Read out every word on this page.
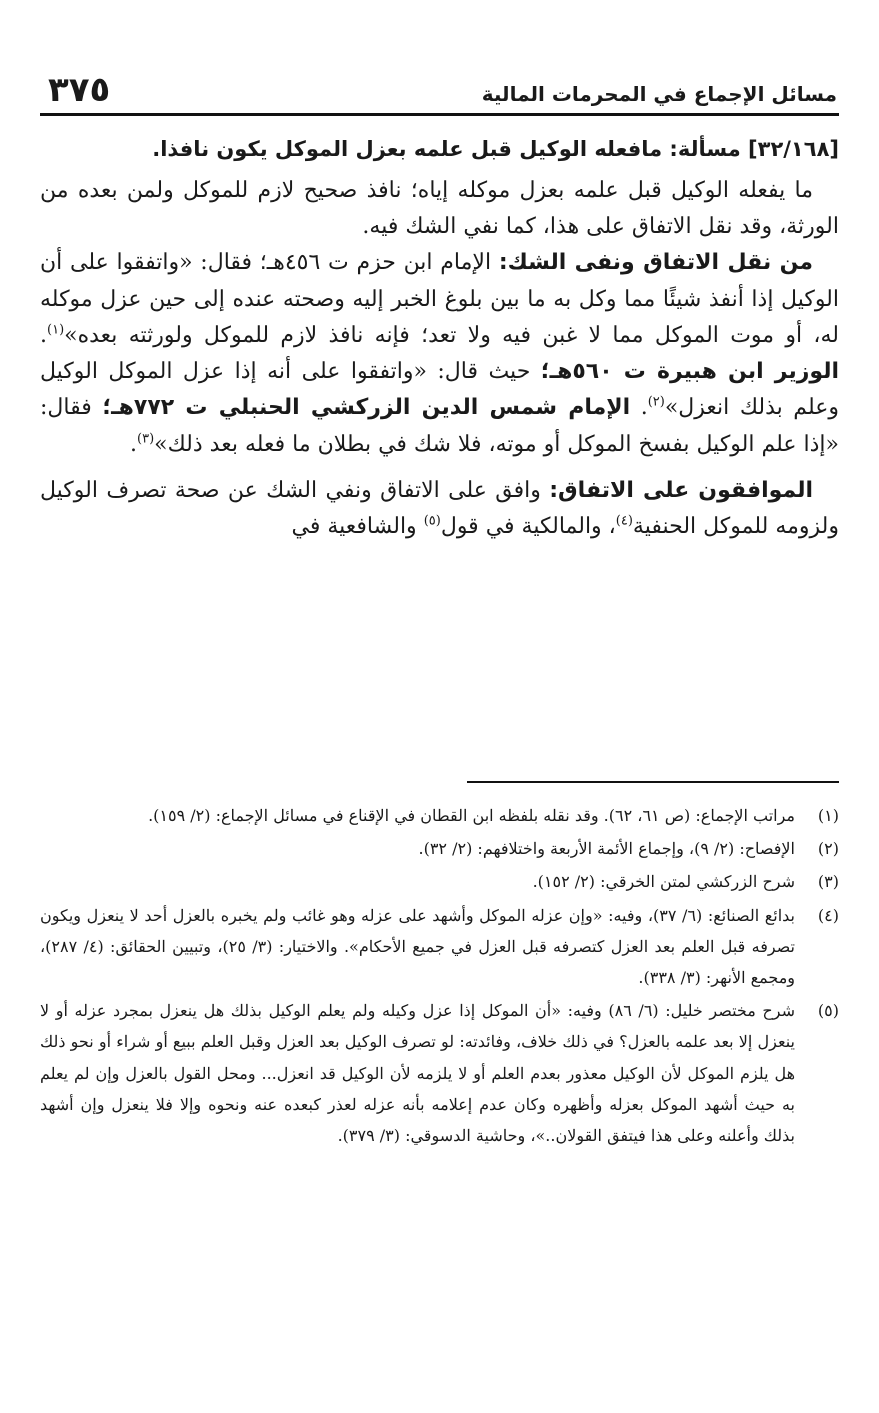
٣٧٥	مسائل الإجماع في المحرمات المالية

[٣٢/١٦٨] مسألة: مافعله الوكيل قبل علمه بعزل الموكل يكون نافذا.

ما يفعله الوكيل قبل علمه بعزل موكله إياه؛ نافذ صحيح لازم للموكل ولمن بعده من الورثة، وقد نقل الاتفاق على هذا، كما نفي الشك فيه.

من نقل الاتفاق ونفى الشك: الإمام ابن حزم ت ٤٥٦هـ؛ فقال: «واتفقوا على أن الوكيل إذا أنفذ شيئًا مما وكل به ما بين بلوغ الخبر إليه وصحته عنده إلى حين عزل موكله له، أو موت الموكل مما لا غبن فيه ولا تعد؛ فإنه نافذ لازم للموكل ولورثته بعده»$^{(١)}$. الوزير ابن هبيرة ت ٥٦٠هـ؛ حيث قال: «واتفقوا على أنه إذا عزل الموكل الوكيل وعلم بذلك انعزل»$^{(٢)}$. الإمام شمس الدين الزركشي الحنبلي ت ٧٧٢هـ؛ فقال: «إذا علم الوكيل بفسخ الموكل أو موته، فلا شك في بطلان ما فعله بعد ذلك»$^{(٣)}$.

الموافقون على الاتفاق: وافق على الاتفاق ونفي الشك عن صحة تصرف الوكيل ولزومه للموكل الحنفية$^{(٤)}$، والمالكية في قول$^{(٥)}$ والشافعية في

(١)
مراتب الإجماع: (ص ٦١، ٦٢). وقد نقله بلفظه ابن القطان في الإقناع في مسائل الإجماع: (٢/ ١٥٩).

(٢)
الإفصاح: (٢/ ٩)، وإجماع الأئمة الأربعة واختلافهم: (٢/ ٣٢).

(٣)
شرح الزركشي لمتن الخرقي: (٢/ ١٥٢).

(٤)
بدائع الصنائع: (٦/ ٣٧)، وفيه: «وإن عزله الموكل وأشهد على عزله وهو غائب ولم يخبره بالعزل أحد لا ينعزل ويكون تصرفه قبل العلم بعد العزل كتصرفه قبل العزل في جميع الأحكام». والاختيار: (٣/ ٢٥)، وتبيين الحقائق: (٤/ ٢٨٧)، ومجمع الأنهر: (٣/ ٣٣٨).

(٥)
شرح مختصر خليل: (٦/ ٨٦) وفيه: «أن الموكل إذا عزل وكيله ولم يعلم الوكيل بذلك هل ينعزل بمجرد عزله أو لا ينعزل إلا بعد علمه بالعزل؟ في ذلك خلاف، وفائدته: لو تصرف الوكيل بعد العزل وقبل العلم ببيع أو شراء أو نحو ذلك هل يلزم الموكل لأن الوكيل معذور بعدم العلم أو لا يلزمه لأن الوكيل قد انعزل... ومحل القول بالعزل وإن لم يعلم به حيث أشهد الموكل بعزله وأظهره وكان عدم إعلامه بأنه عزله لعذر كبعده عنه ونحوه وإلا فلا ينعزل وإن أشهد بذلك وأعلنه وعلى هذا فيتفق القولان..»، وحاشية الدسوقي: (٣/ ٣٧٩).
